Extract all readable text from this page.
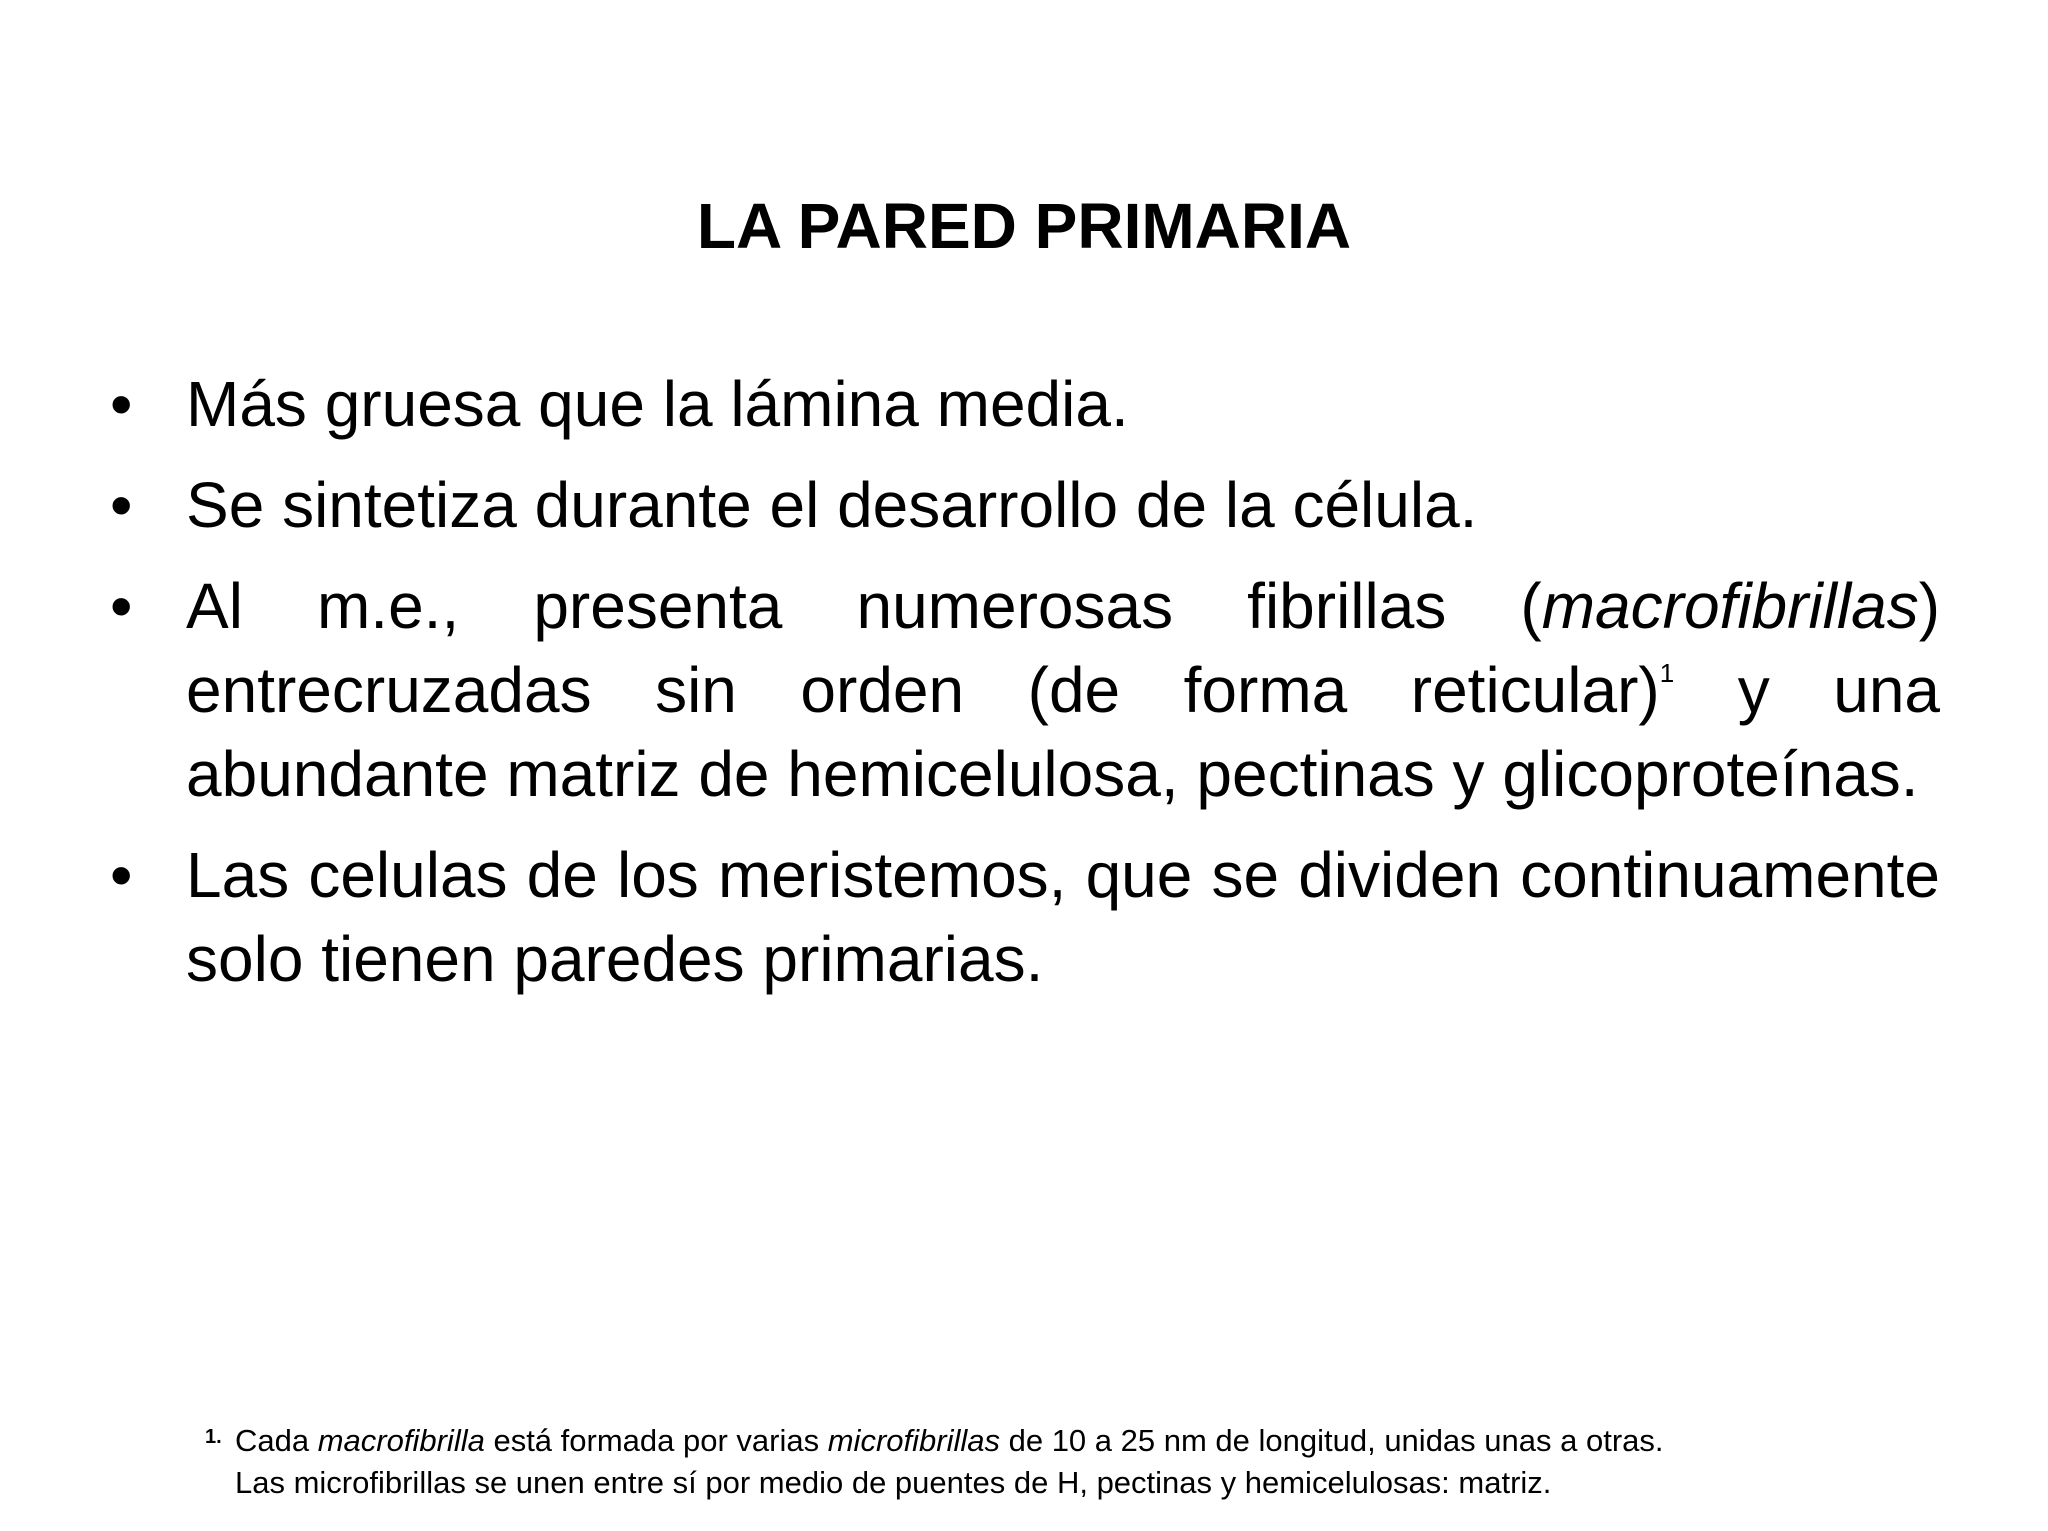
LA PARED PRIMARIA
• Más gruesa que la lámina media.
• Se sintetiza durante el desarrollo de la célula.
• Al m.e., presenta numerosas fibrillas (macrofibrillas) entrecruzadas sin orden (de forma reticular)$^1$ y una abundante matriz de hemicelulosa, pectinas y glicoproteínas.
• Las celulas de los meristemos, que se dividen continuamente solo tienen paredes primarias.
1. Cada macrofibrilla está formada por varias microfibrillas de 10 a 25 nm de longitud, unidas unas a otras.
Las microfibrillas se unen entre sí por medio de puentes de H, pectinas y hemicelulosas: matriz.
